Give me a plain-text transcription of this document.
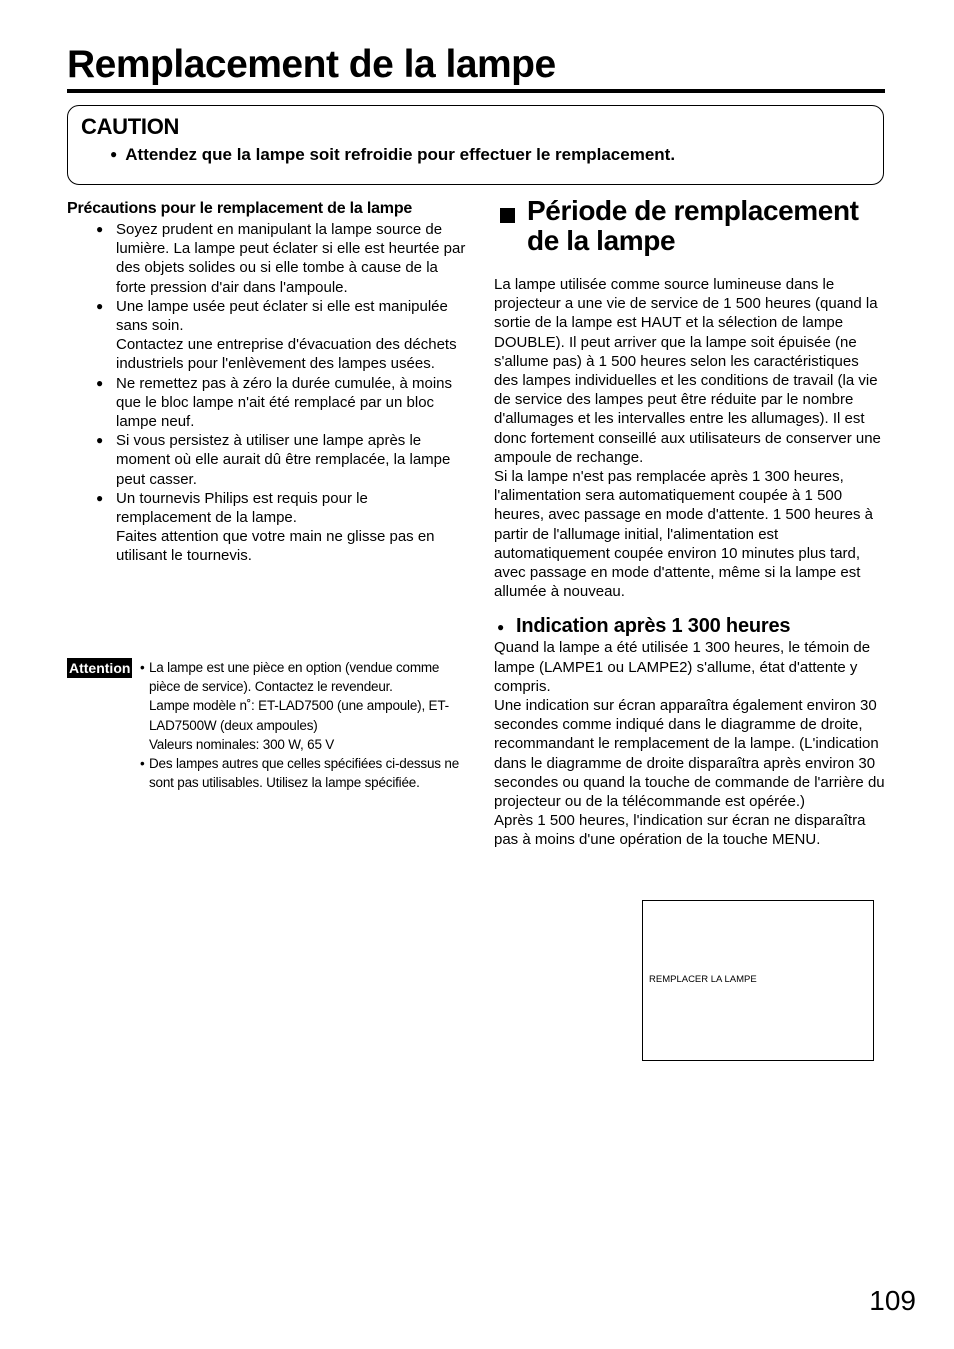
Remplacement de la lampe
CAUTION
● Attendez que la lampe soit refroidie pour effectuer le remplacement.
Précautions pour le remplacement de la lampe
● Soyez prudent en manipulant la lampe source de lumière. La lampe peut éclater si elle est heurtée par des objets solides ou si elle tombe à cause de la forte pression d'air dans l'ampoule.

● Une lampe usée peut éclater si elle est manipulée sans soin.

Contactez une entreprise d'évacuation des déchets industriels pour l'enlèvement des lampes usées.

● Ne remettez pas à zéro la durée cumulée, à moins que le bloc lampe n'ait été remplacé par un bloc lampe neuf.

● Si vous persistez à utiliser une lampe après le moment où elle aurait dû être remplacée, la lampe peut casser.

● Un tournevis Philips est requis pour le remplacement de la lampe.

Faites attention que votre main ne glisse pas en utilisant le tournevis.

Attention • La lampe est une pièce en option (vendue comme pièce de service). Contactez le revendeur.

Lampe modèle n˚: ET-LAD7500 (une ampoule), ET-LAD7500W (deux ampoules)

Valeurs nominales: 300 W, 65 V

• Des lampes autres que celles spécifiées ci-dessus ne sont pas utilisables. Utilisez la lampe spécifiée.

Période de remplacement de la lampe

La lampe utilisée comme source lumineuse dans le projecteur a une vie de service de 1 500 heures (quand la sortie de la lampe est HAUT et la sélection de lampe DOUBLE). Il peut arriver que la lampe soit épuisée (ne s'allume pas) à 1 500 heures selon les caractéristiques des lampes individuelles et les conditions de travail (la vie de service des lampes peut être réduite par le nombre d'allumages et les intervalles entre les allumages). Il est donc fortement conseillé aux utilisateurs de conserver une ampoule de rechange.

Si la lampe n'est pas remplacée après 1 300 heures, l'alimentation sera automatiquement coupée à 1 500 heures, avec passage en mode d'attente. 1 500 heures à partir de l'allumage initial, l'alimentation est automatiquement coupée environ 10 minutes plus tard, avec passage en mode d'attente, même si la lampe est allumée à nouveau.

● Indication après 1 300 heures

Quand la lampe a été utilisée 1 300 heures, le témoin de lampe (LAMPE1 ou LAMPE2) s'allume, état d'attente y compris.

Une indication sur écran apparaîtra également environ 30 secondes comme indiqué dans le diagramme de droite, recommandant le remplacement de la lampe. (L'indication dans le diagramme de droite disparaîtra après environ 30 secondes ou quand la touche de commande de l'arrière du projecteur ou de la télécommande est opérée.)

Après 1 500 heures, l'indication sur écran ne disparaîtra pas à moins d'une opération de la touche MENU.

REMPLACER LA LAMPE
109
